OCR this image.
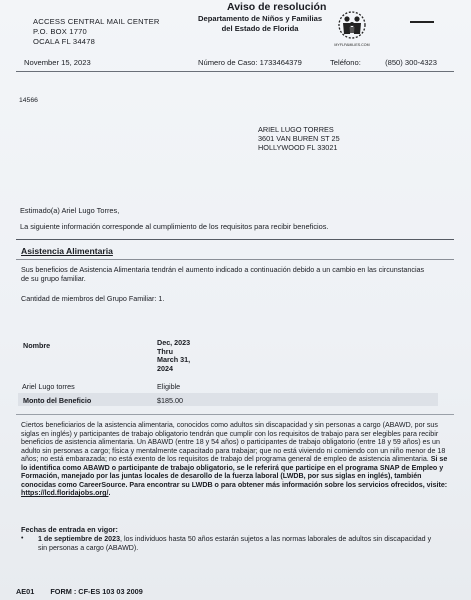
ACCESS CENTRAL MAIL CENTER
P.O. BOX 1770
OCALA FL 34478
Aviso de resolución
Departamento de Niños y Familias
del Estado de Florida
MYFLFAMILIES.COM
November 15, 2023	Número de Caso: 1733464379	Teléfono:	(850) 300-4323
14566
ARIEL LUGO TORRES
3601 VAN BUREN ST 25
HOLLYWOOD FL 33021
Estimado(a) Ariel Lugo Torres,
La siguiente información corresponde al cumplimiento de los requisitos para recibir beneficios.
Asistencia Alimentaria
Sus beneficios de Asistencia Alimentaria tendrán el aumento indicado a continuación debido a un cambio en las circunstancias de su grupo familiar.
Cantidad de miembros del Grupo Familiar: 1.
Nombre	Dec, 2023
Thru
March 31,
2024
Ariel Lugo torres	Eligible
Monto del Beneficio	$185.00
Ciertos beneficiarios de la asistencia alimentaria, conocidos como adultos sin discapacidad y sin personas a cargo (ABAWD, por sus siglas en inglés) y participantes de trabajo obligatorio tendrán que cumplir con los requisitos de trabajo para ser elegibles para recibir beneficios de asistencia alimentaria. Un ABAWD (entre 18 y 54 años) o participantes de trabajo obligatorio (entre 18 y 59 años) es un adulto sin personas a cargo; física y mentalmente capacitado para trabajar; que no está viviendo ni comiendo con un niño menor de 18 años; no está embarazada; no está exento de los requisitos de trabajo del programa general de empleo de asistencia alimentaria. Si se lo identifica como ABAWD o participante de trabajo obligatorio, se le referirá que participe en el programa SNAP de Empleo y Formación, manejado por las juntas locales de desarollo de la fuerza laboral (LWDB, por sus siglas en inglés), también conocidas como CareerSource. Para encontrar su LWDB o para obtener más información sobre los servicios ofrecidos, visite: https://lcd.floridajobs.org/.
Fechas de entrada en vigor:
• 1 de septiembre de 2023, los individuos hasta 50 años estarán sujetos a las normas laborales de adultos sin discapacidad y sin personas a cargo (ABAWD).
AE01 FORM : CF-ES 103 03 2009
